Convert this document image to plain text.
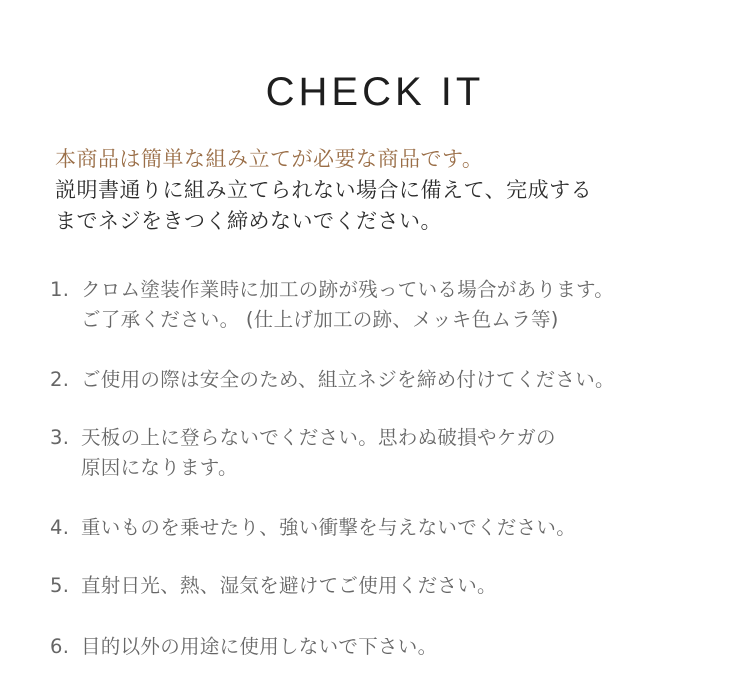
CHECK IT
本商品は簡単な組み立てが必要な商品です。
説明書通りに組み立てられない場合に備えて、完成する
までネジをきつく締めないでください。
1. クロム塗装作業時に加工の跡が残っている場合があります。
ご了承ください。 (仕上げ加工の跡、メッキ色ムラ等)
2. ご使用の際は安全のため、組立ネジを締め付けてください。
3. 天板の上に登らないでください。思わぬ破損やケガの
原因になります。
4. 重いものを乗せたり、強い衝撃を与えないでください。
5. 直射日光、熱、湿気を避けてご使用ください。
6. 目的以外の用途に使用しないで下さい。
